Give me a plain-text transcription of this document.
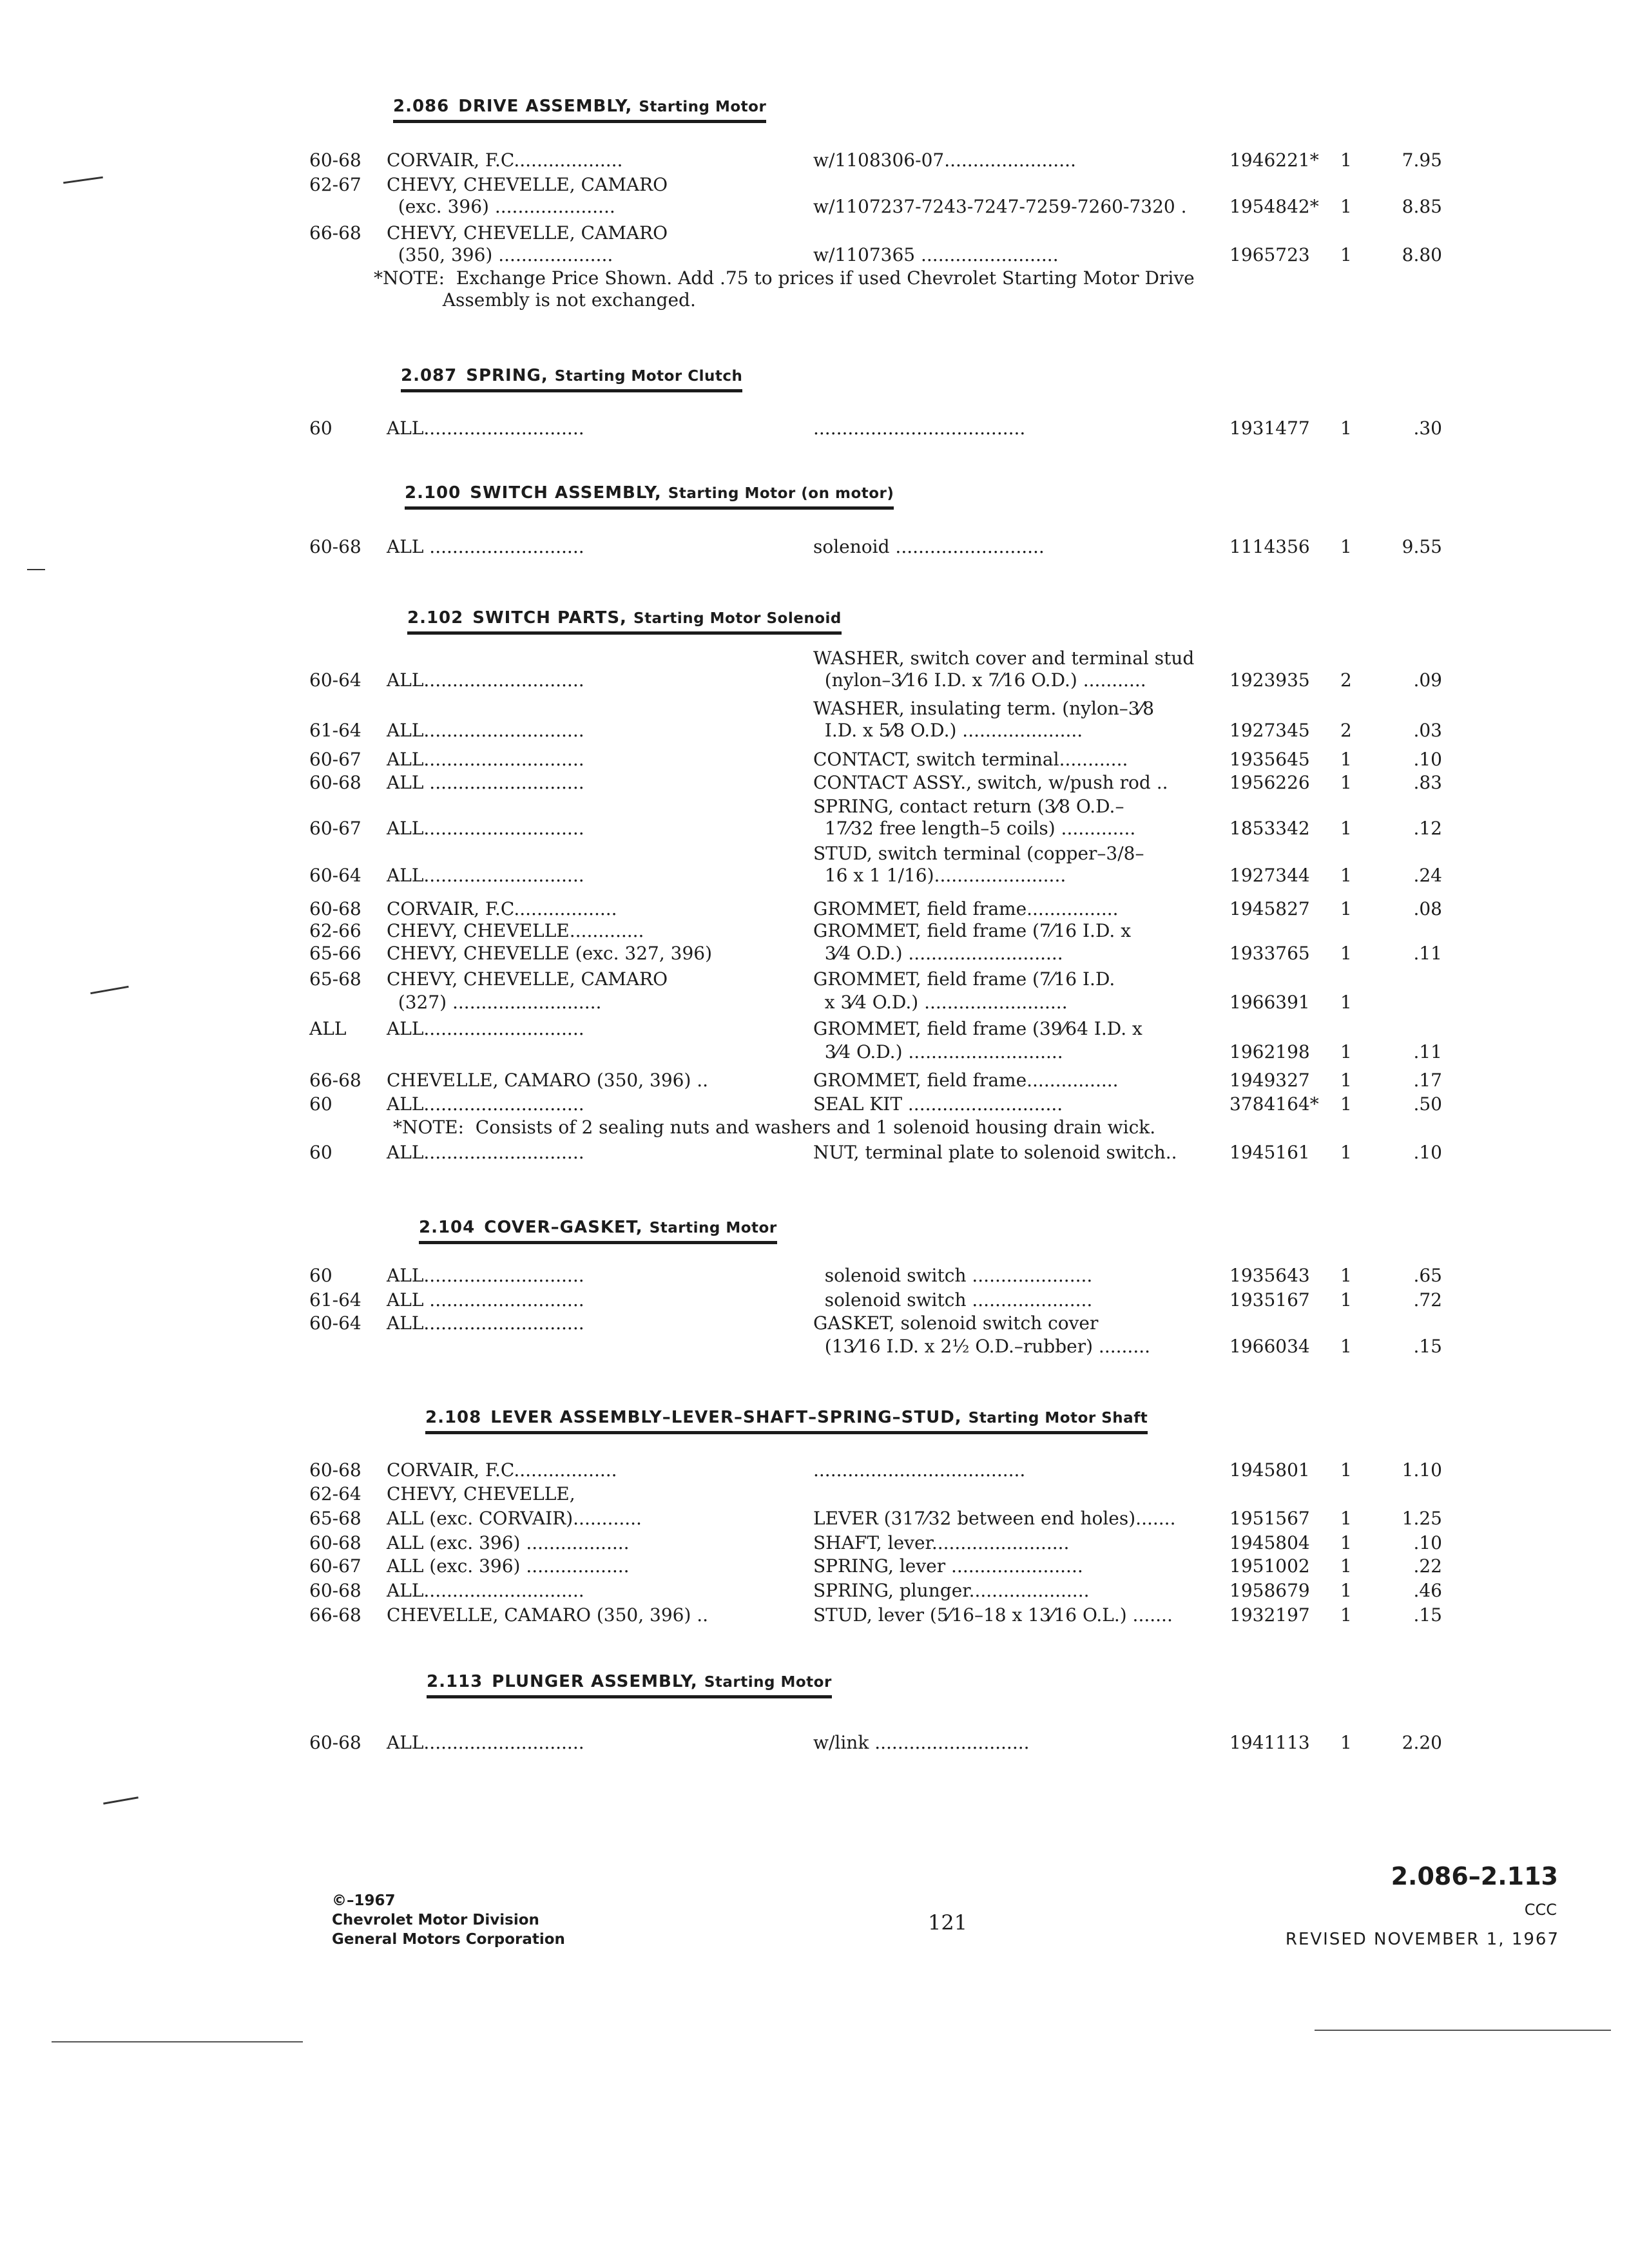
2.086 DRIVE ASSEMBLY, Starting Motor
60-68 CORVAIR, F.C...................	w/1108306-07.......................	1946221* 1	7.95
62-67 CHEVY, CHEVELLE, CAMARO
(exc. 396) .....................	w/1107237-7243-7247-7259-7260-7320 . 1954842* 1	8.85
66-68 CHEVY, CHEVELLE, CAMARO
(350, 396) ....................	w/1107365 ........................	1965723 1	8.80
*NOTE:  Exchange Price Shown. Add .75 to prices if used Chevrolet Starting Motor Drive
Assembly is not exchanged.
2.087 SPRING, Starting Motor Clutch
60	ALL............................	.....................................	1931477 1	.30
2.100 SWITCH ASSEMBLY, Starting Motor (on motor)
60-68 ALL ...........................	solenoid ..........................	1114356 1	9.55
2.102 SWITCH PARTS, Starting Motor Solenoid
WASHER, switch cover and terminal stud
60-64 ALL............................	(nylon–3⁄16 I.D. x 7⁄16 O.D.) ...........	1923935 2	.09
WASHER, insulating term. (nylon–3⁄8
61-64 ALL............................	I.D. x 5⁄8 O.D.) .....................	1927345 2	.03
60-67 ALL............................	CONTACT, switch terminal............	1935645 1	.10
60-68 ALL ...........................	CONTACT ASSY., switch, w/push rod ..	1956226 1	.83
SPRING, contact return (3⁄8 O.D.–
60-67 ALL............................	17⁄32 free length–5 coils) .............	1853342 1	.12
STUD, switch terminal (copper–3/8–
60-64 ALL............................	16 x 1 1/16).......................	1927344 1	.24
60-68 CORVAIR, F.C..................	GROMMET, field frame................	1945827 1	.08
62-66 CHEVY, CHEVELLE.............	GROMMET, field frame (7⁄16 I.D. x
65-66 CHEVY, CHEVELLE (exc. 327, 396)	3⁄4 O.D.) ...........................	1933765 1	.11
65-68 CHEVY, CHEVELLE, CAMARO	GROMMET, field frame (7⁄16 I.D.
(327) ..........................	x 3⁄4 O.D.) .........................	1966391 1
ALL ALL............................	GROMMET, field frame (39⁄64 I.D. x
3⁄4 O.D.) ...........................	1962198 1	.11
66-68 CHEVELLE, CAMARO (350, 396) ..	GROMMET, field frame................	1949327 1	.17
60	ALL............................	SEAL KIT ...........................	3784164* 1	.50
*NOTE:  Consists of 2 sealing nuts and washers and 1 solenoid housing drain wick.
60	ALL............................	NUT, terminal plate to solenoid switch..	1945161 1	.10
2.104 COVER–GASKET, Starting Motor
60	ALL............................	solenoid switch .....................	1935643 1	.65
61-64 ALL ...........................	solenoid switch .....................	1935167 1	.72
60-64 ALL............................	GASKET, solenoid switch cover
(13⁄16 I.D. x 2½ O.D.–rubber) .........	1966034 1	.15
2.108 LEVER ASSEMBLY–LEVER–SHAFT–SPRING–STUD, Starting Motor Shaft
60-68 CORVAIR, F.C..................	.....................................	1945801 1	1.10
62-64 CHEVY, CHEVELLE,
65-68 ALL (exc. CORVAIR)............	LEVER (317⁄32 between end holes).......	1951567 1	1.25
60-68 ALL (exc. 396) ..................	SHAFT, lever........................	1945804 1	.10
60-67 ALL (exc. 396) ..................	SPRING, lever .......................	1951002 1	.22
60-68 ALL............................	SPRING, plunger.....................	1958679 1	.46
66-68 CHEVELLE, CAMARO (350, 396) ..	STUD, lever (5⁄16–18 x 13⁄16 O.L.) .......	1932197 1	.15
2.113 PLUNGER ASSEMBLY, Starting Motor
60-68 ALL............................	w/link ...........................	1941113 1	2.20
©–1967
Chevrolet Motor Division
General Motors Corporation
121
2.086–2.113
CCC
REVISED NOVEMBER 1, 1967
